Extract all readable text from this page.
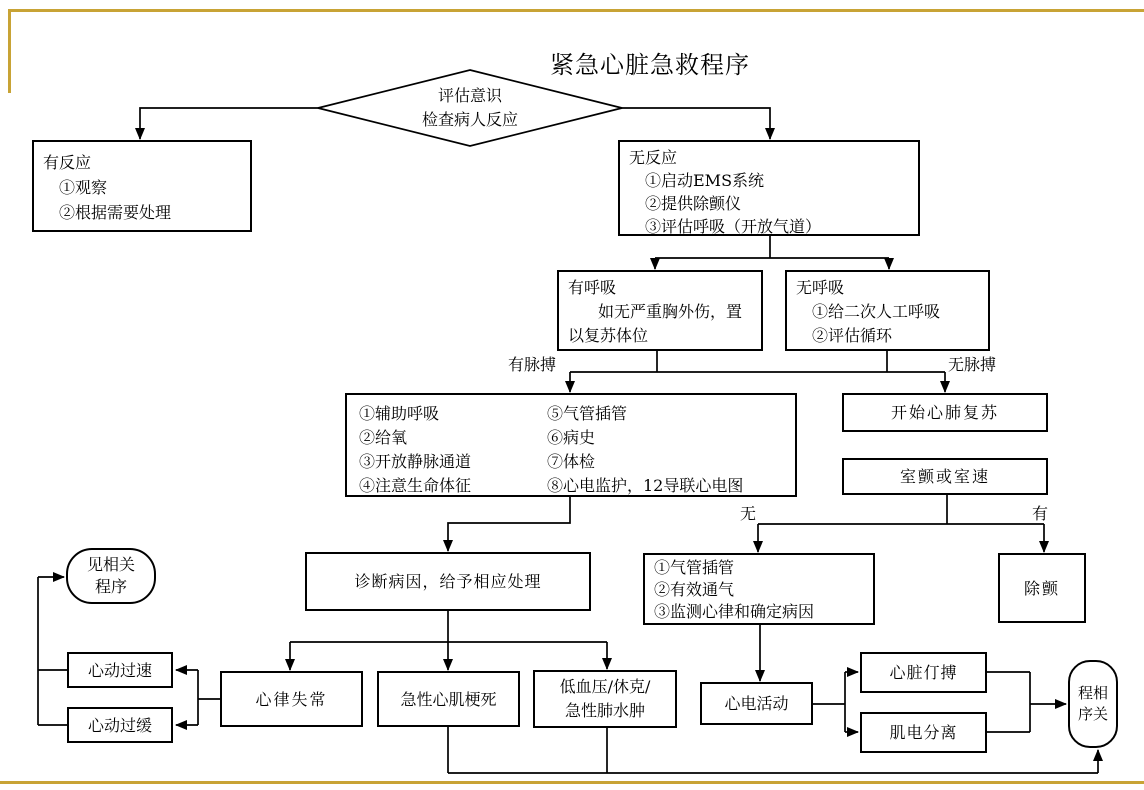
紧急心脏急救程序
评估意识
检查病人反应
有反应
①观察
②根据需要处理
无反应
①启动EMS系统
②提供除颤仪
③评估呼吸（开放气道）
有呼吸
如无严重胸外伤，置
以复苏体位
无呼吸
①给二次人工呼吸
②评估循环
①辅助呼吸
②给氧
③开放静脉通道
④注意生命体征
⑤气管插管
⑥病史
⑦体检
⑧心电监护，12导联心电图
开始心肺复苏
室颤或室速
诊断病因，给予相应处理
①气管插管
②有效通气
③监测心律和确定病因
除颤
见相关
程序
心动过速
心动过缓
心律失常	急性心肌梗死
低血压/休克/
急性肺水肿	心电活动
心脏仃搏
肌电分离
程相
序关
有脉搏	无脉搏
无	有
